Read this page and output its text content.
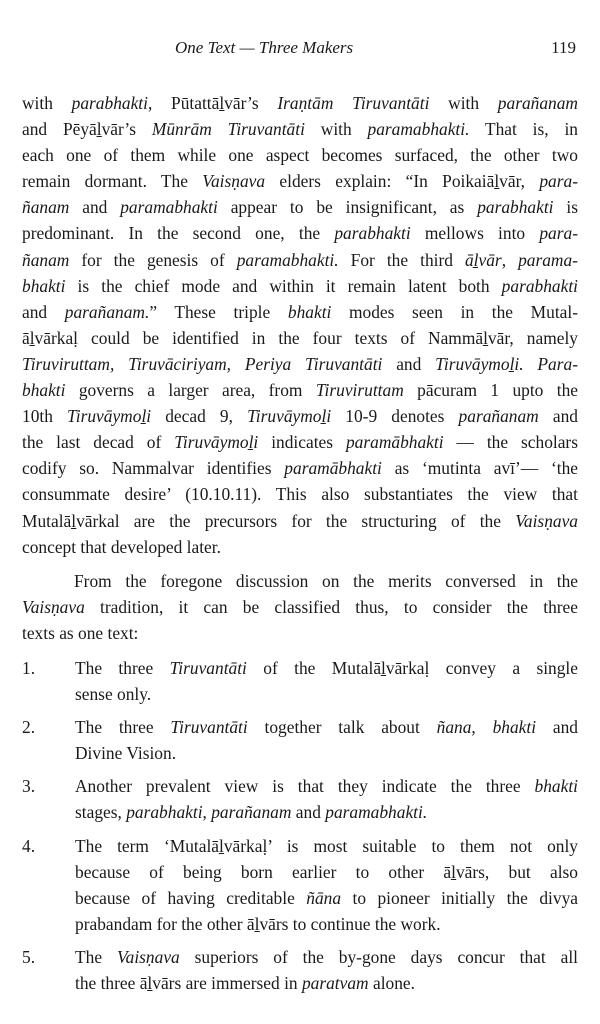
One Text — Three Makers	119
with parabhakti, Pūtattāḻvār’s Iraṇtām Tiruvantāti with parañanam
and Pēyāḻvār’s Mūnrām Tiruvantāti with paramabhakti. That is, in
each one of them while one aspect becomes surfaced, the other two
remain dormant. The Vaisṇava elders explain: “In Poikaiāḻvār, para-
ñanam and paramabhakti appear to be insignificant, as parabhakti is
predominant. In the second one, the parabhakti mellows into para-
ñanam for the genesis of paramabhakti. For the third āḻvār, parama-
bhakti is the chief mode and within it remain latent both parabhakti
and parañanam.” These triple bhakti modes seen in the Mutal-
āḻvārkaḷ could be identified in the four texts of Nammāḻvār, namely
Tiruviruttam, Tiruvāciriyam, Periya Tiruvantāti and Tiruvāymoḻi. Para-
bhakti governs a larger area, from Tiruviruttam pācuram 1 upto the
10th Tiruvāymoḻi decad 9, Tiruvāymoḻi 10-9 denotes parañanam and
the last decad of Tiruvāymoḻi indicates paramābhakti — the scholars
codify so. Nammalvar identifies paramābhakti as ‘mutinta avī’— ‘the
consummate desire’ (10.10.11). This also substantiates the view that
Mutalāḻvārkal are the precursors for the structuring of the Vaisṇava
concept that developed later.
From the foregone discussion on the merits conversed in the
Vaisṇava tradition, it can be classified thus, to consider the three
texts as one text:
1. The three Tiruvantāti of the Mutalāḻvārkaḷ convey a single
sense only.
2. The three Tiruvantāti together talk about ñana, bhakti and
Divine Vision.
3. Another prevalent view is that they indicate the three bhakti
stages, parabhakti, parañanam and paramabhakti.
4. The term ‘Mutalāḻvārkaḷ’ is most suitable to them not only
because of being born earlier to other āḻvārs, but also
because of having creditable ñāna to pioneer initially the divya
prabandam for the other āḻvārs to continue the work.
5. The Vaisṇava superiors of the by-gone days concur that all
the three āḻvārs are immersed in paratvam alone.
